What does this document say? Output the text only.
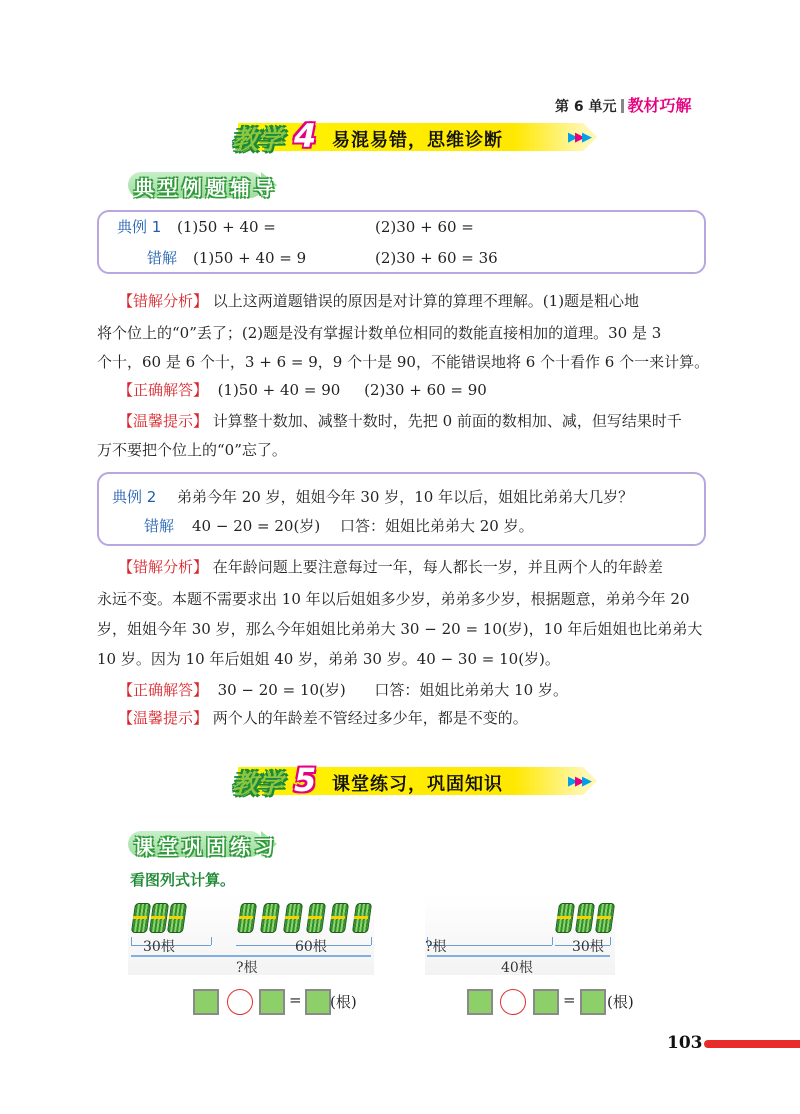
第 6 单元 教材巧解
教学 4 易混易错，思维诊断	▶▶▶
典型例题辅导
典例 1 (1)50 + 40 =	(2)30 + 60 =
错解 (1)50 + 40 = 9	(2)30 + 60 = 36
【错解分析】 以上这两道题错误的原因是对计算的算理不理解。(1)题是粗心地
将个位上的“0”丢了；(2)题是没有掌握计数单位相同的数能直接相加的道理。30 是 3
个十，60 是 6 个十，3 + 6 = 9，9 个十是 90，不能错误地将 6 个十看作 6 个一来计算。
【正确解答】 (1)50 + 40 = 90 (2)30 + 60 = 90
【温馨提示】 计算整十数加、减整十数时，先把 0 前面的数相加、减，但写结果时千
万不要把个位上的“0”忘了。
典例 2 弟弟今年 20 岁，姐姐今年 30 岁，10 年以后，姐姐比弟弟大几岁？
错解 40 − 20 = 20(岁) 口答：姐姐比弟弟大 20 岁。
【错解分析】 在年龄问题上要注意每过一年，每人都长一岁，并且两个人的年龄差
永远不变。本题不需要求出 10 年以后姐姐多少岁，弟弟多少岁，根据题意，弟弟今年 20
岁，姐姐今年 30 岁，那么今年姐姐比弟弟大 30 − 20 = 10(岁)，10 年后姐姐也比弟弟大
10 岁。因为 10 年后姐姐 40 岁，弟弟 30 岁。40 − 30 = 10(岁)。
【正确解答】 30 − 20 = 10(岁) 口答：姐姐比弟弟大 10 岁。
【温馨提示】 两个人的年龄差不管经过多少年，都是不变的。
教学 5 课堂练习，巩固知识	▶▶▶
课堂巩固练习
看图列式计算。
30根	60根
?根
?根	30根
40根
= (根)	= (根)
103
